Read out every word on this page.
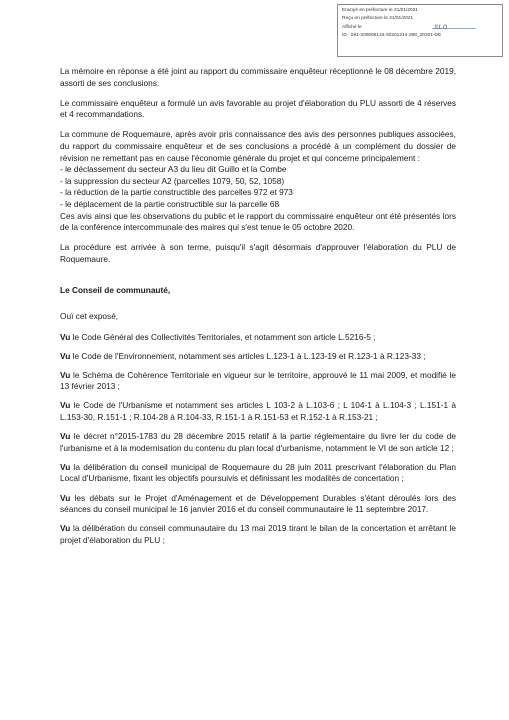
Envoyé en préfecture le 21/01/2021
Reçu en préfecture le 21/01/2021
Affiché le	SLO
ID : 081-200066124-20201214-298_20201-DE

La mémoire en réponse a été joint au rapport du commissaire enquêteur réceptionné le 08 décembre 2019, assorti de ses conclusions.

Le commissaire enquêteur a formulé un avis favorable au projet d'élaboration du PLU assorti de 4 réserves et 4 recommandations.

La commune de Roquemaure, après avoir pris connaissance des avis des personnes publiques associées, du rapport du commissaire enquêteur et de ses conclusions a procédé à un complément du dossier de révision ne remettant pas en cause l'économie générale du projet et qui concerne principalement :

- le déclassement du secteur A3 du lieu dit Guillo et la Combe
- la suppression du secteur A2 (parcelles 1079, 50, 52, 1058)
- la réduction de la partie constructible des parcelles 972 et 973
- le déplacement de la partie constructible sur la parcelle 68

Ces avis ainsi que les observations du public et le rapport du commissaire enquêteur ont été présentés lors de la conférence intercommunale des maires qui s'est tenue le 05 octobre 2020.

La procédure est arrivée à son terme, puisqu'il s'agit désormais d'approuver l'élaboration du PLU de Roquemaure.

Le Conseil de communauté,

Ouï cet exposé,

Vu le Code Général des Collectivités Territoriales, et notamment son article L.5216-5 ;

Vu le Code de l'Environnement, notamment ses articles L.123-1 à L.123-19 et R.123-1 à R.123-33 ;

Vu le Schéma de Cohérence Territoriale en vigueur sur le territoire, approuvé le 11 mai 2009, et modifié le 13 février 2013 ;

Vu le Code de l'Urbanisme et notamment ses articles L 103-2 à L.103-6 ; L 104-1 à L.104-3 ; L.151-1 à L.153-30, R.151-1 ; R.104-28 à R.104-33, R.151-1 à R.151-53 et R.152-1 à R.153-21 ;

Vu le décret n°2015-1783 du 28 décembre 2015 relatif à la partie réglementaire du livre Ier du code de l'urbanisme et à la modernisation du contenu du plan local d'urbanisme, notamment le VI de son article 12 ;

Vu la délibération du conseil municipal de Roquemaure du 28 juin 2011 prescrivant l'élaboration du Plan Local d'Urbanisme, fixant les objectifs poursuivis et définissant les modalités de concertation ;

Vu les débats sur le Projet d'Aménagement et de Développement Durables s'étant déroulés lors des séances du conseil municipal le 16 janvier 2016 et du conseil communautaire le 11 septembre 2017.

Vu la délibération du conseil communautaire du 13 mai 2019 tirant le bilan de la concertation et arrêtant le projet d'élaboration du PLU ;
